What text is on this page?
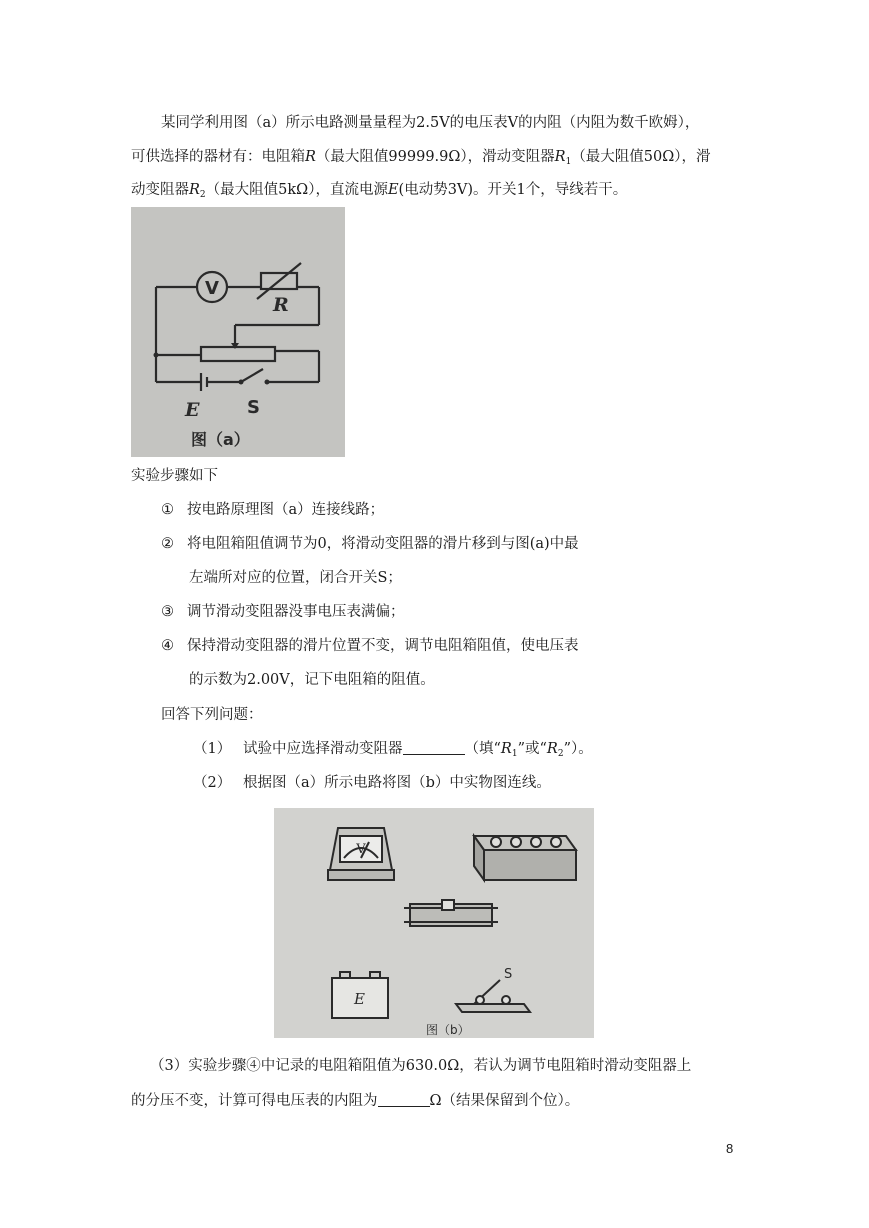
某同学利用图（a）所示电路测量量程为2.5V的电压表V的内阻（内阻为数千欧姆），
可供选择的器材有：电阻箱R（最大阻值99999.9Ω），滑动变阻器$R_1$（最大阻值50Ω），滑
动变阻器$R_2$（最大阻值5kΩ），直流电源E(电动势3V)。开关1个，导线若干。
V
R
E	S
图（a）
实验步骤如下
① 按电路原理图（a）连接线路；
② 将电阻箱阻值调节为0，将滑动变阻器的滑片移到与图(a)中最
左端所对应的位置，闭合开关S；
③ 调节滑动变阻器没事电压表满偏；
④ 保持滑动变阻器的滑片位置不变，调节电阻箱阻值，使电压表
的示数为2.00V，记下电阻箱的阻值。
回答下列问题：
（1） 试验中应选择滑动变阻器	（填“$R_1$”或“$R_2$”）。
（2） 根据图（a）所示电路将图（b）中实物图连线。
V
E
S
图（b）
（3）实验步骤④中记录的电阻箱阻值为630.0Ω，若认为调节电阻箱时滑动变阻器上
的分压不变，计算可得电压表的内阻为	Ω（结果保留到个位）。
8
